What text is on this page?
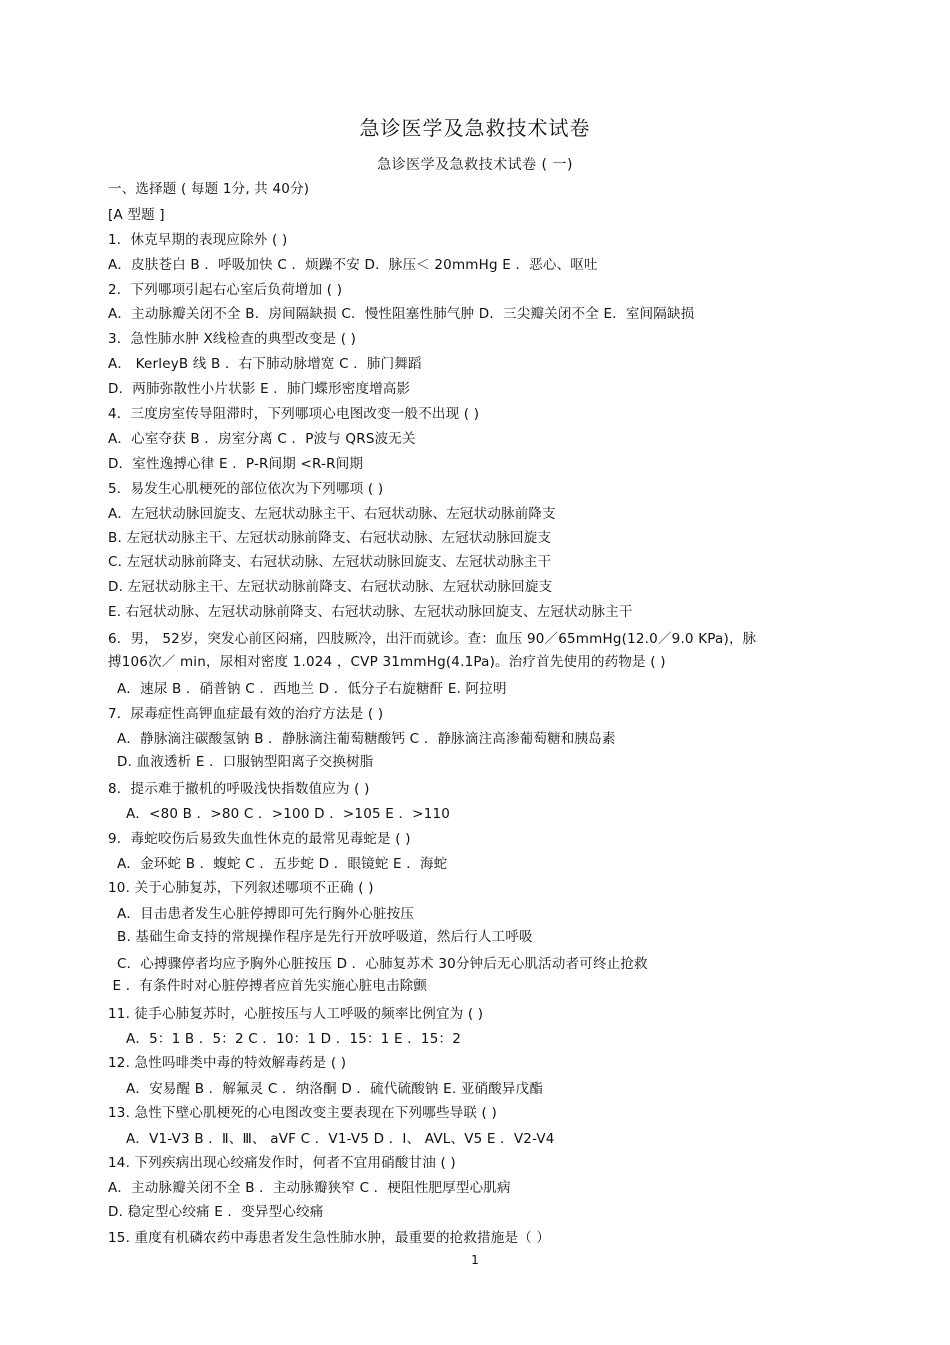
急诊医学及急救技术试卷
急诊医学及急救技术试卷 ( 一)
一、选择题 ( 每题 1分, 共 40分)
[A 型题 ]
1．休克早期的表现应除外 ( )
A．皮肤苍白 B ．呼吸加快 C ．烦躁不安 D．脉压＜ 20mmHg E ．恶心、呕吐
2．下列哪项引起右心室后负荷增加 ( )
A．主动脉瓣关闭不全 B．房间隔缺损 C．慢性阻塞性肺气肿 D．三尖瓣关闭不全 E．室间隔缺损
3．急性肺水肿 X线检查的典型改变是 ( )
A． KerleyB 线 B ．右下肺动脉增宽 C ．肺门舞蹈
D．两肺弥散性小片状影 E ．肺门蝶形密度增高影
4．三度房室传导阻滞时，下列哪项心电图改变一般不出现 ( )
A．心室夺获 B ．房室分离 C ．P波与 QRS波无关
D．室性逸搏心律 E ．P-R间期 <R-R间期
5．易发生心肌梗死的部位依次为下列哪项 ( )
A．左冠状动脉回旋支、左冠状动脉主干、右冠状动脉、左冠状动脉前降支
B. 左冠状动脉主干、左冠状动脉前降支、右冠状动脉、左冠状动脉回旋支
C. 左冠状动脉前降支、右冠状动脉、左冠状动脉回旋支、左冠状动脉主干
D. 左冠状动脉主干、左冠状动脉前降支、右冠状动脉、左冠状动脉回旋支
E. 右冠状动脉、左冠状动脉前降支、右冠状动脉、左冠状动脉回旋支、左冠状动脉主干
6．男， 52岁，突发心前区闷痛，四肢厥冷，出汗而就诊。查：血压 90／65mmHg(12.0／9.0 KPa)，脉
搏106次／ min，尿相对密度 1.024 ，CVP 31mmHg(4.1Pa)。治疗首先使用的药物是 ( )
A．速尿 B ．硝普钠 C ．西地兰 D ．低分子右旋糖酐 E. 阿拉明
7．尿毒症性高钾血症最有效的治疗方法是 ( )
A．静脉滴注碳酸氢钠 B ．静脉滴注葡萄糖酸钙 C ．静脉滴注高渗葡萄糖和胰岛素
D. 血液透析 E ．口服钠型阳离子交换树脂
8．提示难于撤机的呼吸浅快指数值应为 ( )
A．<80 B ．>80 C ．>100 D ．>105 E ．>110
9．毒蛇咬伤后易致失血性休克的最常见毒蛇是 ( )
A．金环蛇 B ．蝮蛇 C ．五步蛇 D ．眼镜蛇 E ．海蛇
10. 关于心肺复苏，下列叙述哪项不正确 ( )
A．目击患者发生心脏停搏即可先行胸外心脏按压
B. 基础生命支持的常规操作程序是先行开放呼吸道，然后行人工呼吸
C．心搏骤停者均应予胸外心脏按压 D ．心肺复苏术 30分钟后无心肌活动者可终止抢救
E ．有条件时对心脏停搏者应首先实施心脏电击除颤
11. 徒手心肺复苏时，心脏按压与人工呼吸的频率比例宜为 ( )
A．5：1 B ．5：2 C ．10：1 D ．15：1 E ．15：2
12. 急性吗啡类中毒的特效解毒药是 ( )
A．安易醒 B ．解氟灵 C ．纳洛酮 D ．硫代硫酸钠 E. 亚硝酸异戊酯
13. 急性下壁心肌梗死的心电图改变主要表现在下列哪些导联 ( )
A．V1-V3 B ．Ⅱ、Ⅲ、 aVF C ．V1-V5 D ．Ⅰ、 AVL、V5 E ．V2-V4
14. 下列疾病出现心绞痛发作时，何者不宜用硝酸甘油 ( )
A．主动脉瓣关闭不全 B ．主动脉瓣狭窄 C ．梗阻性肥厚型心肌病
D. 稳定型心绞痛 E ．变异型心绞痛
15. 重度有机磷农药中毒患者发生急性肺水肿，最重要的抢救措施是（ ）
1
